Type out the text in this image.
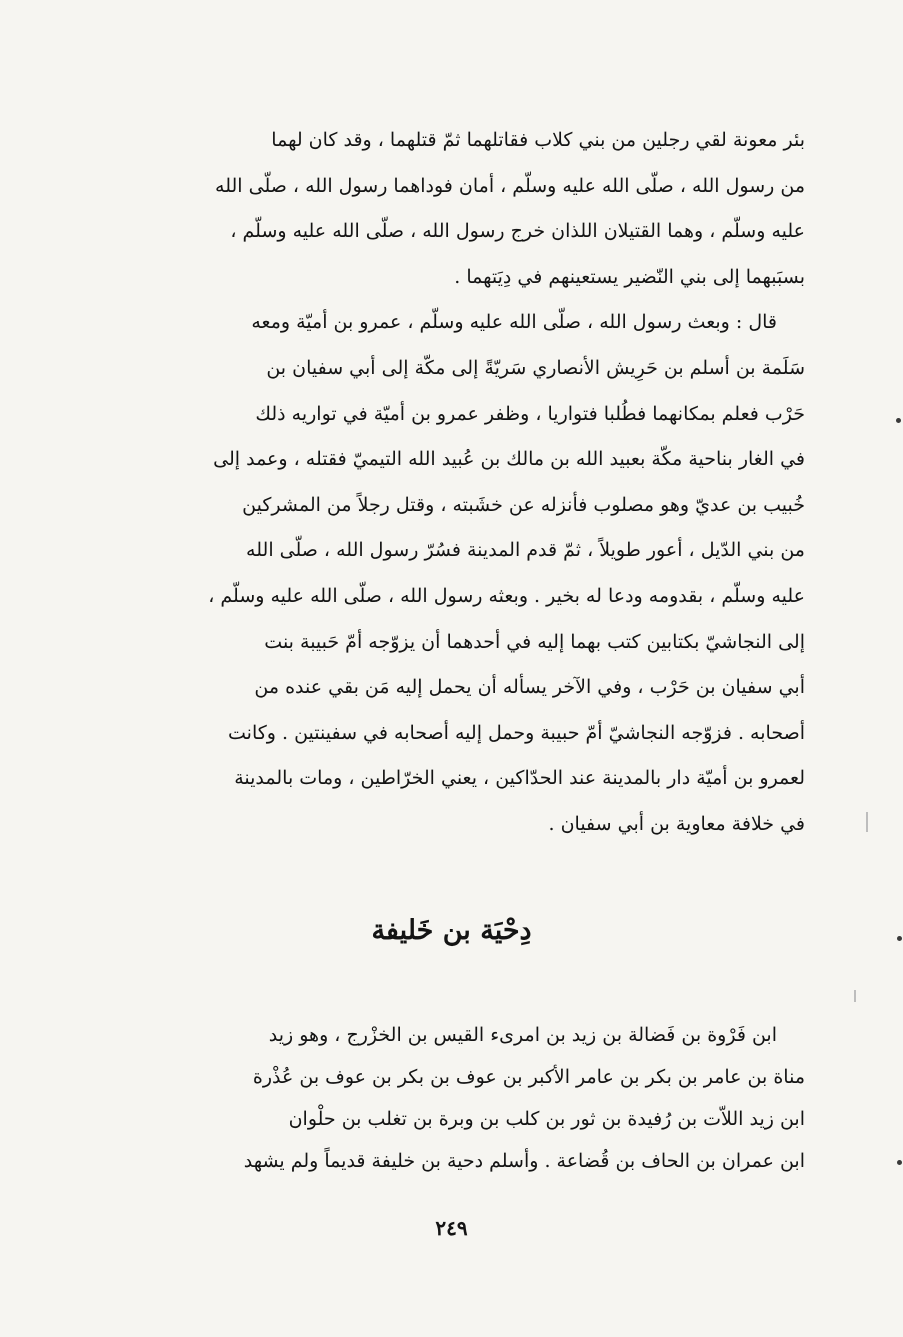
بئر معونة لقي رجلين من بني كلاب فقاتلهما ثمّ قتلهما ، وقد كان لهما
من رسول الله ، صلّى الله عليه وسلّم ، أمان فوداهما رسول الله ، صلّى الله
عليه وسلّم ، وهما القتيلان اللذان خرج رسول الله ، صلّى الله عليه وسلّم ،
بسبَبهما إلى بني النّضير يستعينهم في دِيَتهما .

قال : وبعث رسول الله ، صلّى الله عليه وسلّم ، عمرو بن أميّة ومعه
سَلَمة بن أسلم بن حَرِيش الأنصاري سَريّةً إلى مكّة إلى أبي سفيان بن
حَرْب فعلم بمكانهما فطُلبا فتواريا ، وظفر عمرو بن أميّة في تواريه ذلك
في الغار بناحية مكّة بعبيد الله بن مالك بن عُبيد الله التيميّ فقتله ، وعمد إلى
خُبيب بن عديّ وهو مصلوب فأنزله عن خشَبته ، وقتل رجلاً من المشركين
من بني الدّيل ، أعور طويلاً ، ثمّ قدم المدينة فسُرّ رسول الله ، صلّى الله
عليه وسلّم ، بقدومه ودعا له بخير . وبعثه رسول الله ، صلّى الله عليه وسلّم ،
إلى النجاشيّ بكتابين كتب بهما إليه في أحدهما أن يزوّجه أمّ حَبيبة بنت
أبي سفيان بن حَرْب ، وفي الآخر يسأله أن يحمل إليه مَن بقي عنده من
أصحابه . فزوّجه النجاشيّ أمّ حبيبة وحمل إليه أصحابه في سفينتين . وكانت
لعمرو بن أميّة دار بالمدينة عند الحدّاكين ، يعني الخرّاطين ، ومات بالمدينة
في خلافة معاوية بن أبي سفيان .

دِحْيَة بن خَليفة

ابن فَرْوة بن فَضالة بن زيد بن امرىء القيس بن الخزْرج ، وهو زيد
مناة بن عامر بن بكر بن عامر الأكبر بن عوف بن بكر بن عوف بن عُذْرة
ابن زيد اللاّت بن رُفيدة بن ثور بن كلب بن وبرة بن تغلب بن حلْوان
ابن عمران بن الحاف بن قُضاعة . وأسلم دحية بن خليفة قديماً ولم يشهد

٢٤٩
